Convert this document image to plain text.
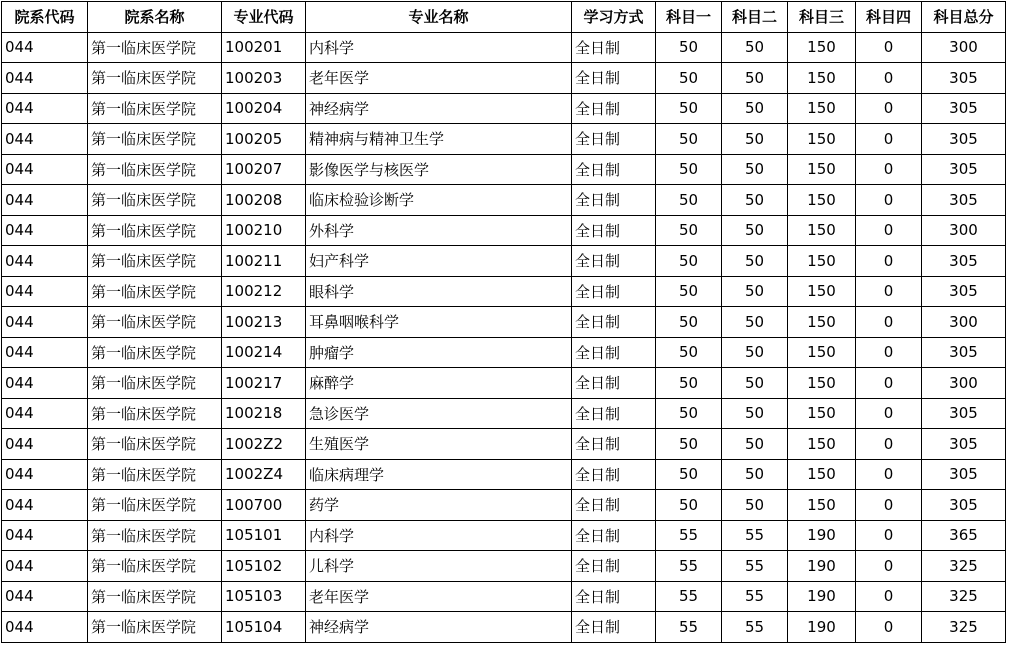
院系代码	院系名称	专业代码	专业名称	学习方式	科目一	科目二	科目三	科目四	科目总分
044	第一临床医学院	100201	内科学	全日制	50	50	150	0	300
044	第一临床医学院	100203	老年医学	全日制	50	50	150	0	305
044	第一临床医学院	100204	神经病学	全日制	50	50	150	0	305
044	第一临床医学院	100205	精神病与精神卫生学	全日制	50	50	150	0	305
044	第一临床医学院	100207	影像医学与核医学	全日制	50	50	150	0	305
044	第一临床医学院	100208	临床检验诊断学	全日制	50	50	150	0	305
044	第一临床医学院	100210	外科学	全日制	50	50	150	0	300
044	第一临床医学院	100211	妇产科学	全日制	50	50	150	0	305
044	第一临床医学院	100212	眼科学	全日制	50	50	150	0	305
044	第一临床医学院	100213	耳鼻咽喉科学	全日制	50	50	150	0	300
044	第一临床医学院	100214	肿瘤学	全日制	50	50	150	0	305
044	第一临床医学院	100217	麻醉学	全日制	50	50	150	0	300
044	第一临床医学院	100218	急诊医学	全日制	50	50	150	0	305
044	第一临床医学院	1002Z2	生殖医学	全日制	50	50	150	0	305
044	第一临床医学院	1002Z4	临床病理学	全日制	50	50	150	0	305
044	第一临床医学院	100700	药学	全日制	50	50	150	0	305
044	第一临床医学院	105101	内科学	全日制	55	55	190	0	365
044	第一临床医学院	105102	儿科学	全日制	55	55	190	0	325
044	第一临床医学院	105103	老年医学	全日制	55	55	190	0	325
044	第一临床医学院	105104	神经病学	全日制	55	55	190	0	325
